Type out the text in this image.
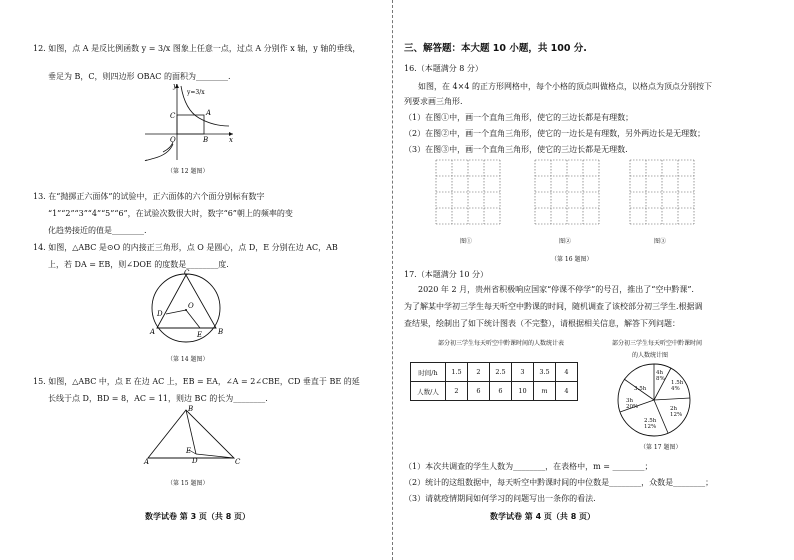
12. 如图，点 A 是反比例函数 y = 3/x 图象上任意一点，过点 A 分别作 x 轴，y 轴的垂线，
垂足为 B，C，则四边形 OBAC 的面积为________.
y
y=3/x
A
C
O	B	x
（第 12 题图）
13. 在“抛掷正六面体”的试验中，正六面体的六个面分别标有数字
“1”“2”“3”“4”“5”“6”，在试验次数很大时，数字“6”朝上的频率的变
化趋势接近的值是________.
14. 如图，△ABC 是⊙O 的内接正三角形，点 O 是圆心，点 D，E 分别在边 AC，AB
上，若 DA = EB，则∠DOE 的度数是________度.
C
D
O
A	E B
（第 14 题图）
15. 如图，△ABC 中，点 E 在边 AC 上，EB = EA，∠A = 2∠CBE，CD 垂直于 BE 的延
长线于点 D，BD = 8，AC = 11，则边 BC 的长为________.
B
A
E
D	C
（第 15 题图）
数学试卷 第 3 页（共 8 页）
三、解答题：本大题 10 小题，共 100 分.
16.（本题满分 8 分）
如图，在 4×4 的正方形网格中，每个小格的顶点叫做格点，以格点为顶点分别按下
列要求画三角形.
（1）在图①中，画一个直角三角形，使它的三边长都是有理数；
（2）在图②中，画一个直角三角形，使它的一边长是有理数，另外两边长是无理数；
（3）在图③中，画一个直角三角形，使它的三边长都是无理数.
图①	图②	图③
（第 16 题图）
17.（本题满分 10 分）
2020 年 2 月，贵州省积极响应国家“停课不停学”的号召，推出了“空中黔课”.
为了解某中学初三学生每天听空中黔课的时间，随机调查了该校部分初三学生.根据调
查结果，绘制出了如下统计图表（不完整），请根据相关信息，解答下列问题：
部分初三学生每天听空中黔课时间的人数统计表
时间/h	1.5	2	2.5	3	3.5	4
人数/人	2	6	6	10	m	4
部分初三学生每天听空中黔课时间
的人数统计图
4h
8%
1.5h
4%
2h
12%
2.5h
12%
3.5h
3h
20%
（第 17 题图）
（1）本次共调查的学生人数为________，在表格中，m = ________；
（2）统计的这组数据中，每天听空中黔课时间的中位数是________，众数是________；
（3）请就疫情期间如何学习的问题写出一条你的看法.
数学试卷 第 4 页（共 8 页）
